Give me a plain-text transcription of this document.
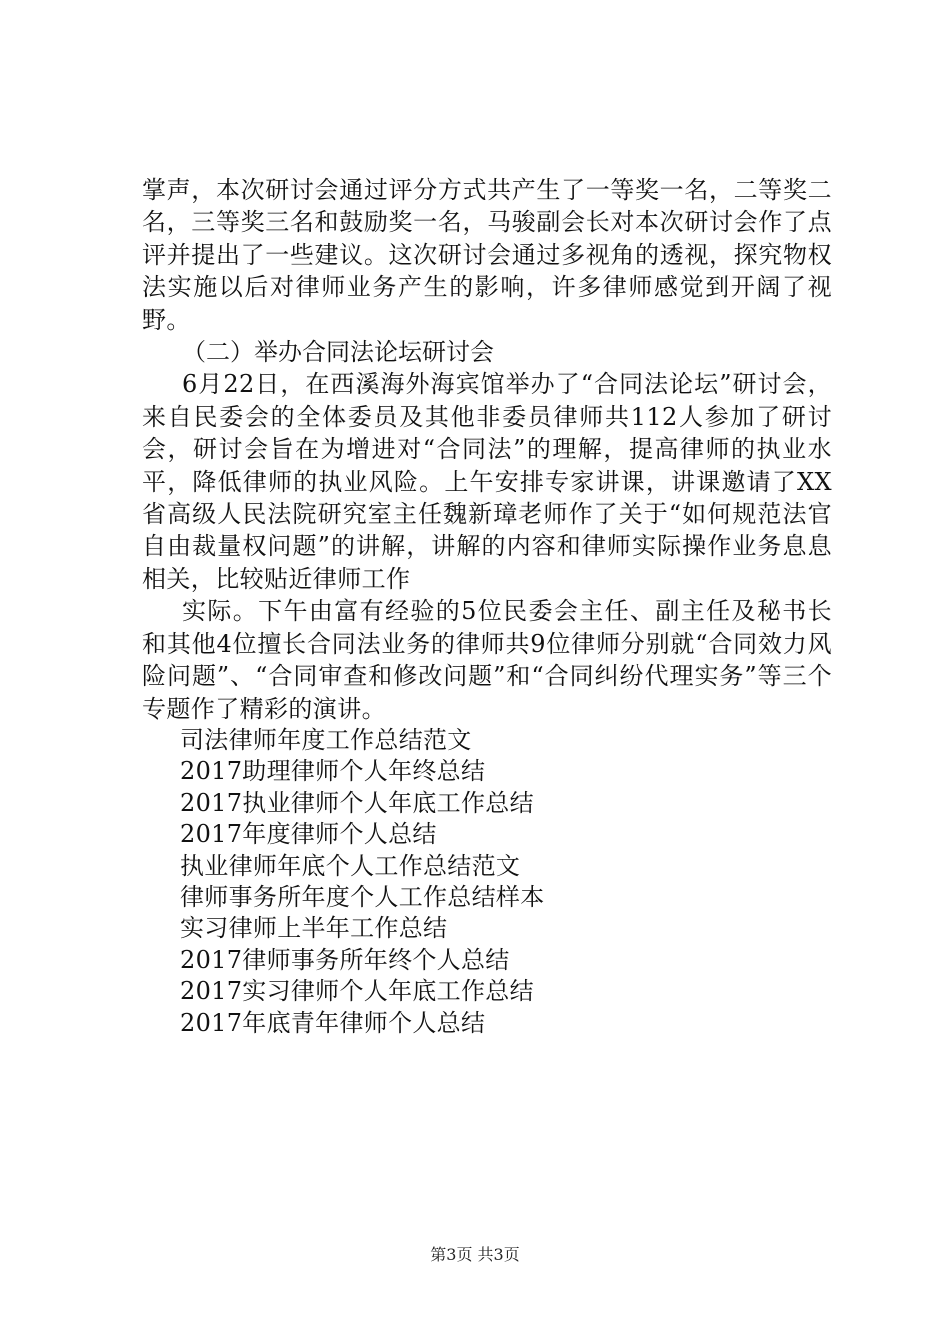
掌声，本次研讨会通过评分方式共产生了一等奖一名，二等奖二名，三等奖三名和鼓励奖一名，马骏副会长对本次研讨会作了点评并提出了一些建议。这次研讨会通过多视角的透视，探究物权法实施以后对律师业务产生的影响，许多律师感觉到开阔了视野。

（二）举办合同法论坛研讨会

6月22日，在西溪海外海宾馆举办了“合同法论坛”研讨会，来自民委会的全体委员及其他非委员律师共112人参加了研讨会，研讨会旨在为增进对“合同法”的理解，提高律师的执业水平，降低律师的执业风险。上午安排专家讲课，讲课邀请了XX省高级人民法院研究室主任魏新璋老师作了关于“如何规范法官自由裁量权问题”的讲解，讲解的内容和律师实际操作业务息息相关，比较贴近律师工作

实际。下午由富有经验的5位民委会主任、副主任及秘书长和其他4位擅长合同法业务的律师共9位律师分别就“合同效力风险问题”、“合同审查和修改问题”和“合同纠纷代理实务”等三个专题作了精彩的演讲。

司法律师年度工作总结范文
2017助理律师个人年终总结
2017执业律师个人年底工作总结
2017年度律师个人总结
执业律师年底个人工作总结范文
律师事务所年度个人工作总结样本
实习律师上半年工作总结
2017律师事务所年终个人总结
2017实习律师个人年底工作总结
2017年底青年律师个人总结
第3页 共3页
